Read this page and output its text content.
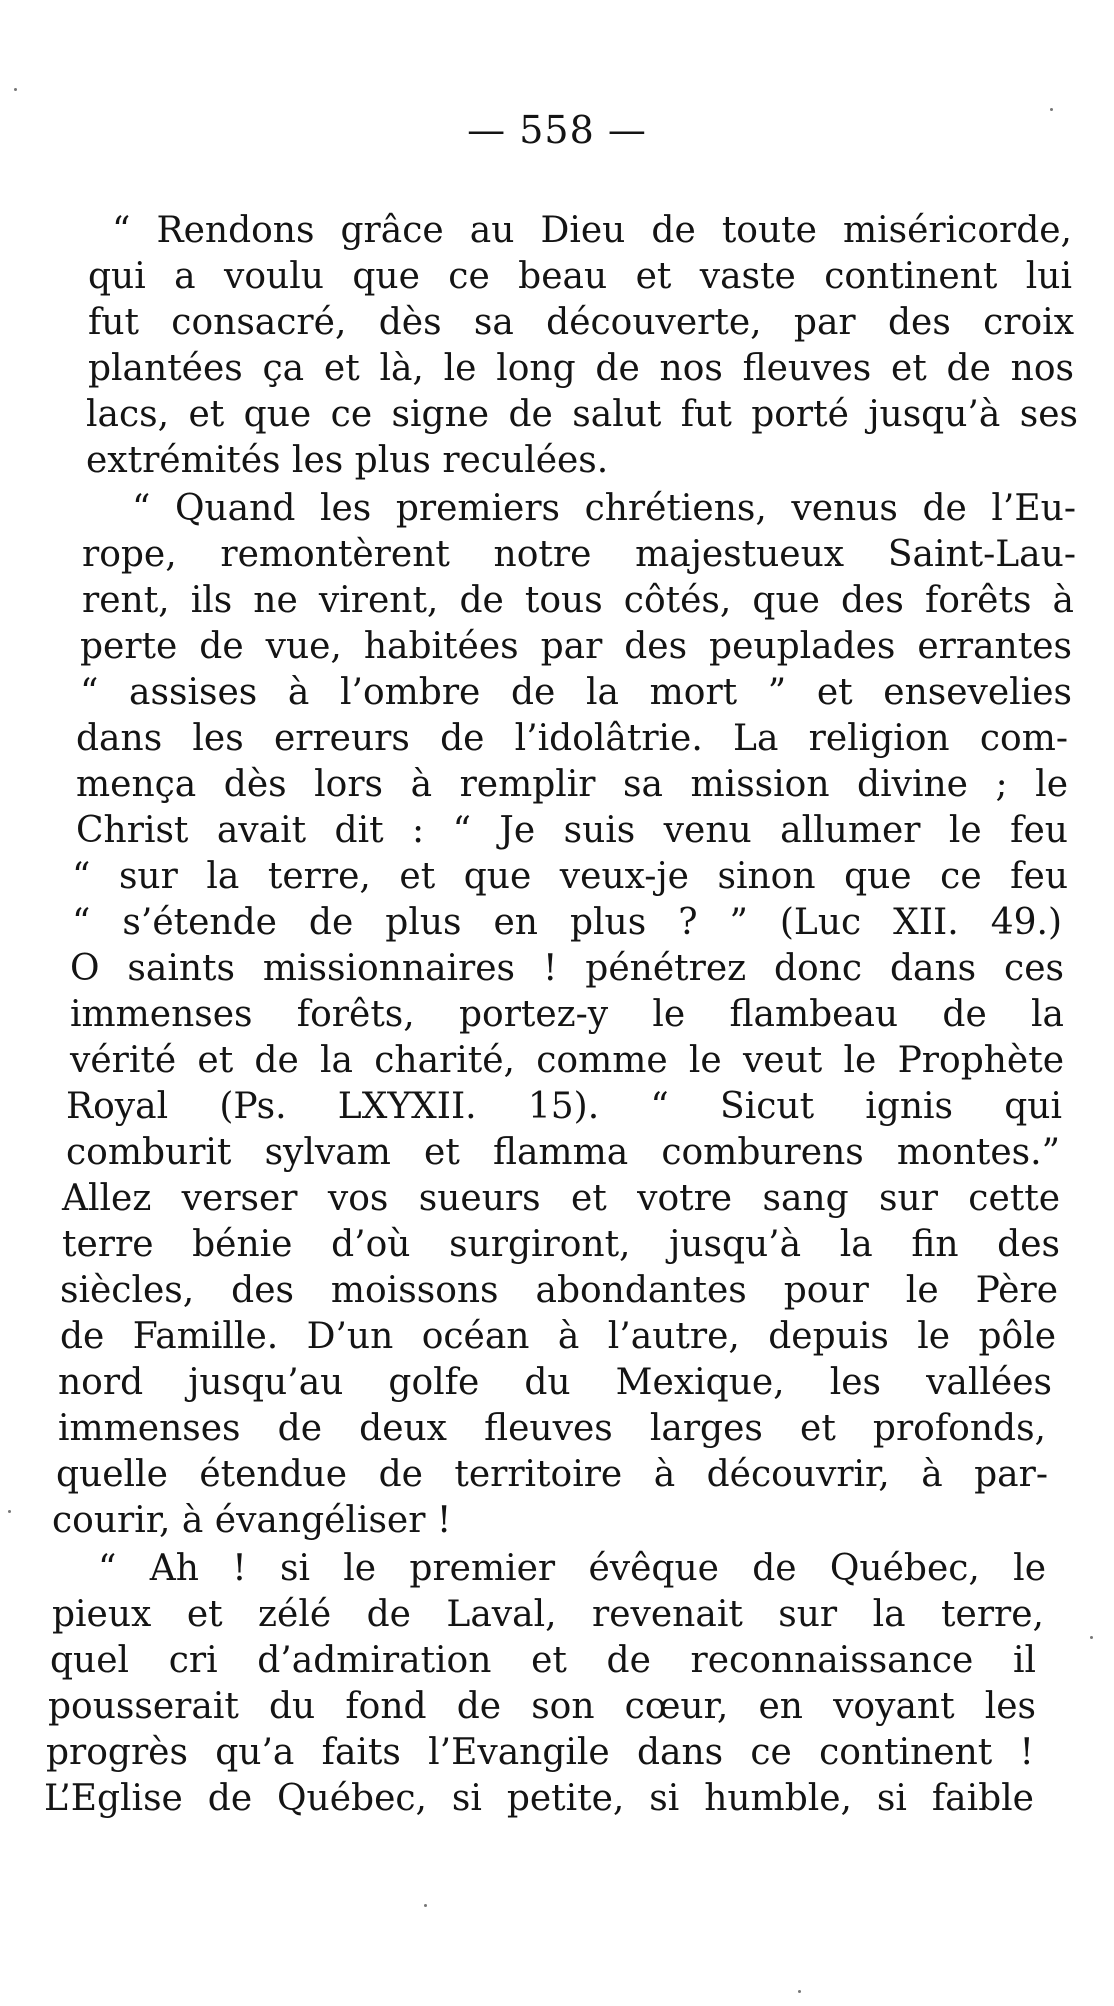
— 558 —
“ Rendons grâce au Dieu de toute miséricorde,
qui a voulu que ce beau et vaste continent lui
fut consacré, dès sa découverte, par des croix
plantées ça et là, le long de nos fleuves et de nos
lacs, et que ce signe de salut fut porté jusqu’à ses
extrémités les plus reculées.
“ Quand les premiers chrétiens, venus de l’Eu-
rope, remontèrent notre majestueux Saint-Lau-
rent, ils ne virent, de tous côtés, que des forêts à
perte de vue, habitées par des peuplades errantes
“ assises à l’ombre de la mort ” et ensevelies
dans les erreurs de l’idolâtrie. La religion com-
mença dès lors à remplir sa mission divine ; le
Christ avait dit : “ Je suis venu allumer le feu
“ sur la terre, et que veux-je sinon que ce feu
“ s’étende de plus en plus ? ” (Luc XII. 49.)
O saints missionnaires ! pénétrez donc dans ces
immenses forêts, portez-y le flambeau de la
vérité et de la charité, comme le veut le Prophète
Royal (Ps. LXYXII. 15). “ Sicut ignis qui
comburit sylvam et flamma comburens montes.”
Allez verser vos sueurs et votre sang sur cette
terre bénie d’où surgiront, jusqu’à la fin des
siècles, des moissons abondantes pour le Père
de Famille. D’un océan à l’autre, depuis le pôle
nord jusqu’au golfe du Mexique, les vallées
immenses de deux fleuves larges et profonds,
quelle étendue de territoire à découvrir, à par-
courir, à évangéliser !
“ Ah ! si le premier évêque de Québec, le
pieux et zélé de Laval, revenait sur la terre,
quel cri d’admiration et de reconnaissance il
pousserait du fond de son cœur, en voyant les
progrès qu’a faits l’Evangile dans ce continent !
L’Eglise de Québec, si petite, si humble, si faible
